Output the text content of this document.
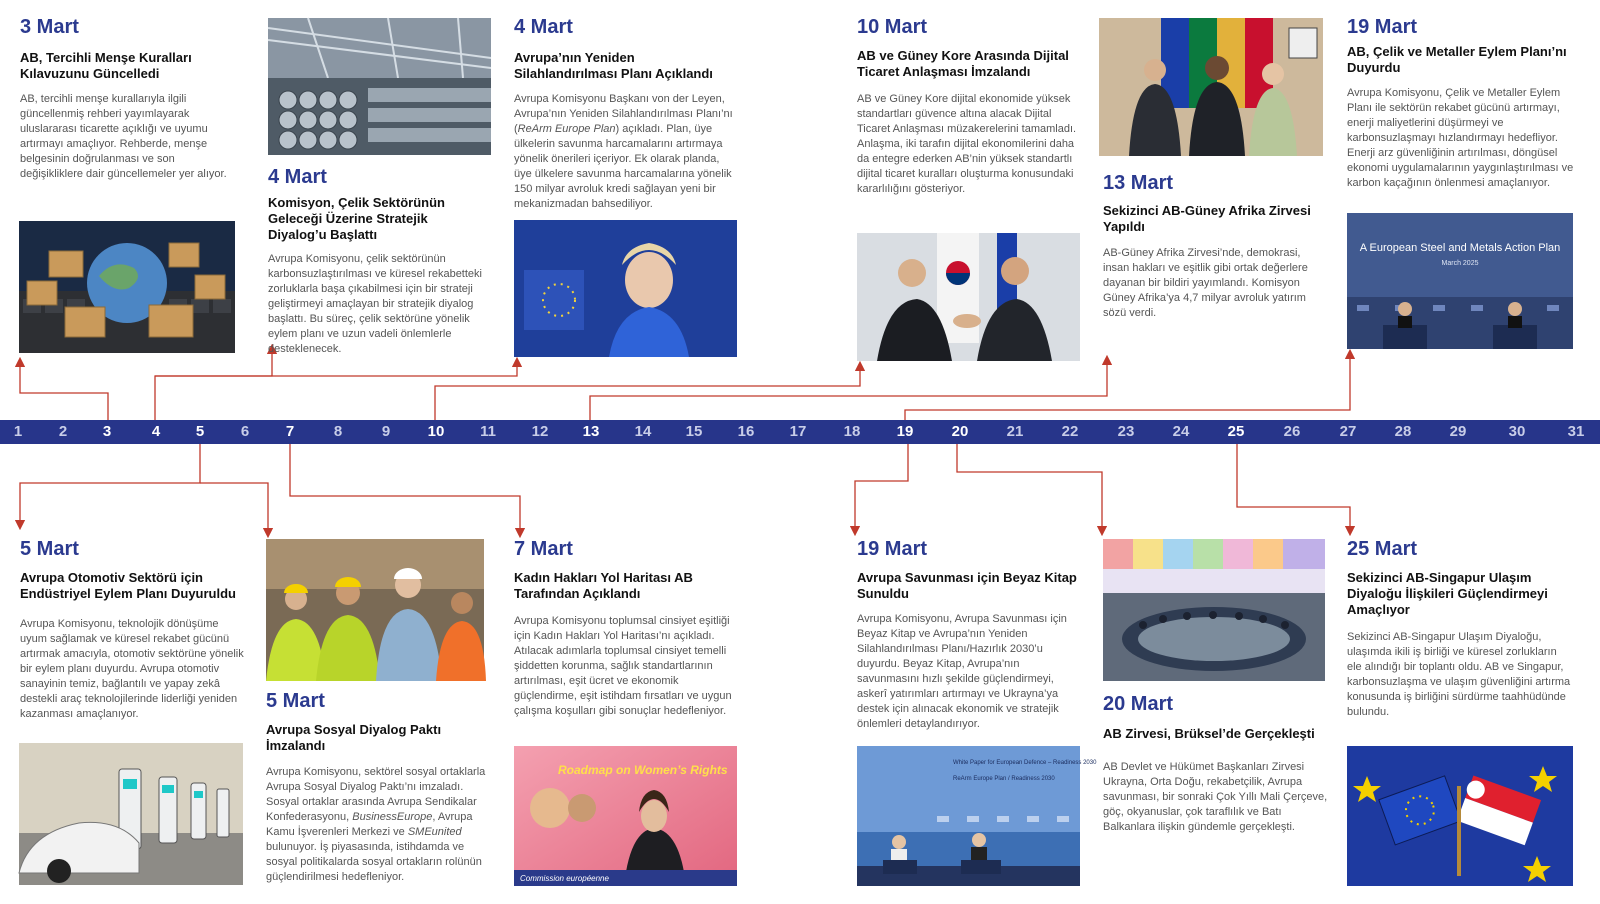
1	2	3	4	5	6	7	8	9	10	11	12	13	14	15	16	17	18	19	20	21	22	23	24	25	26	27	28	29	30	31
3 Mart
AB, Tercihli Menşe Kuralları Kılavuzunu Güncelledi
AB, tercihli menşe kurallarıyla ilgili güncellenmiş rehberi yayımlayarak uluslararası ticarette açıklığı ve uyumu artırmayı amaçlıyor. Rehberde, menşe belgesinin doğrulanması ve son değişikliklere dair güncellemeler yer alıyor.	4 Mart
Komisyon, Çelik Sektörünün Geleceği Üzerine Stratejik Diyalog’u Başlattı
Avrupa Komisyonu, çelik sektörünün karbonsuzlaştırılması ve küresel rekabetteki zorluklarla başa çıkabilmesi için bir strateji geliştirmeyi amaçlayan bir stratejik diyalog başlattı. Bu süreç, çelik sektörüne yönelik eylem planı ve uzun vadeli önlemlerle desteklenecek.
4 Mart
Avrupa’nın Yeniden Silahlandırılması Planı Açıklandı
Avrupa Komisyonu Başkanı von der Leyen, Avrupa’nın Yeniden Silahlandırılması Planı’nı (ReArm Europe Plan) açıkladı. Plan, üye ülkelerin savunma harcamalarını artırmaya yönelik önerileri içeriyor. Ek olarak planda, üye ülkelere savunma harcamalarına yönelik 150 milyar avroluk kredi sağlayan yeni bir mekanizmadan bahsediliyor.
10 Mart
AB ve Güney Kore Arasında Dijital Ticaret Anlaşması İmzalandı
AB ve Güney Kore dijital ekonomide yüksek standartları güvence altına alacak Dijital Ticaret Anlaşması müzakerelerini tamamladı. Anlaşma, iki tarafın dijital ekonomilerini daha da entegre ederken AB’nin yüksek standartlı dijital ticaret kuralları oluşturma konusundaki kararlılığını gösteriyor.	13 Mart
Sekizinci AB-Güney Afrika Zirvesi Yapıldı
AB-Güney Afrika Zirvesi’nde, demokrasi, insan hakları ve eşitlik gibi ortak değerlere dayanan bir bildiri yayımlandı. Komisyon Güney Afrika’ya 4,7 milyar avroluk yatırım sözü verdi.
19 Mart
AB, Çelik ve Metaller Eylem Planı’nı Duyurdu
Avrupa Komisyonu, Çelik ve Metaller Eylem Planı ile sektörün rekabet gücünü artırmayı, enerji maliyetlerini düşürmeyi ve karbonsuzlaşmayı hızlandırmayı hedefliyor. Enerji arz güvenliğinin artırılması, döngüsel ekonomi uygulamalarının yaygınlaştırılması ve karbon kaçağının önlenmesi amaçlanıyor.
A European Steel and Metals Action Plan
March 2025
5 Mart
Avrupa Otomotiv Sektörü için Endüstriyel Eylem Planı Duyuruldu
Avrupa Komisyonu, teknolojik dönüşüme uyum sağlamak ve küresel rekabet gücünü artırmak amacıyla, otomotiv sektörüne yönelik bir eylem planı duyurdu. Avrupa otomotiv sanayinin temiz, bağlantılı ve yapay zekâ destekli araç teknolojilerinde liderliği yeniden kazanması amaçlanıyor.
5 Mart
Avrupa Sosyal Diyalog Paktı İmzalandı
Avrupa Komisyonu, sektörel sosyal ortaklarla Avrupa Sosyal Diyalog Paktı’nı imzaladı. Sosyal ortaklar arasında Avrupa Sendikalar Konfederasyonu, BusinessEurope, Avrupa Kamu İşverenleri Merkezi ve SMEunited bulunuyor. İş piyasasında, istihdamda ve sosyal politikalarda sosyal ortakların rolünün güçlendirilmesi hedefleniyor.
7 Mart
Kadın Hakları Yol Haritası AB Tarafından Açıklandı
Avrupa Komisyonu toplumsal cinsiyet eşitliği için Kadın Hakları Yol Haritası’nı açıkladı. Atılacak adımlarla toplumsal cinsiyet temelli şiddetten korunma, sağlık standartlarının artırılması, eşit ücret ve ekonomik güçlendirme, eşit istihdam fırsatları ve uygun çalışma koşulları gibi sonuçlar hedefleniyor.
Roadmap on Women’s Rights
Commission européenne
19 Mart
Avrupa Savunması için Beyaz Kitap Sunuldu
Avrupa Komisyonu, Avrupa Savunması için Beyaz Kitap ve Avrupa’nın Yeniden Silahlandırılması Planı/Hazırlık 2030’u duyurdu. Beyaz Kitap, Avrupa’nın savunmasını hızlı şekilde güçlendirmeyi, askerî yatırımları artırmayı ve Ukrayna’ya destek için alınacak ekonomik ve stratejik önlemleri detaylandırıyor.
White Paper for European Defence – Readiness 2030
ReArm Europe Plan / Readiness 2030
20 Mart
AB Zirvesi, Brüksel’de Gerçekleşti
AB Devlet ve Hükümet Başkanları Zirvesi Ukrayna, Orta Doğu, rekabetçilik, Avrupa savunması, bir sonraki Çok Yıllı Mali Çerçeve, göç, okyanuslar, çok taraflılık ve Batı Balkanlara ilişkin gündemle gerçekleşti.
25 Mart
Sekizinci AB-Singapur Ulaşım Diyaloğu İlişkileri Güçlendirmeyi Amaçlıyor
Sekizinci AB-Singapur Ulaşım Diyaloğu, ulaşımda ikili iş birliği ve küresel zorlukların ele alındığı bir toplantı oldu. AB ve Singapur, karbonsuzlaşma ve ulaşım güvenliğini artırma konusunda iş birliğini sürdürme taahhüdünde bulundu.
